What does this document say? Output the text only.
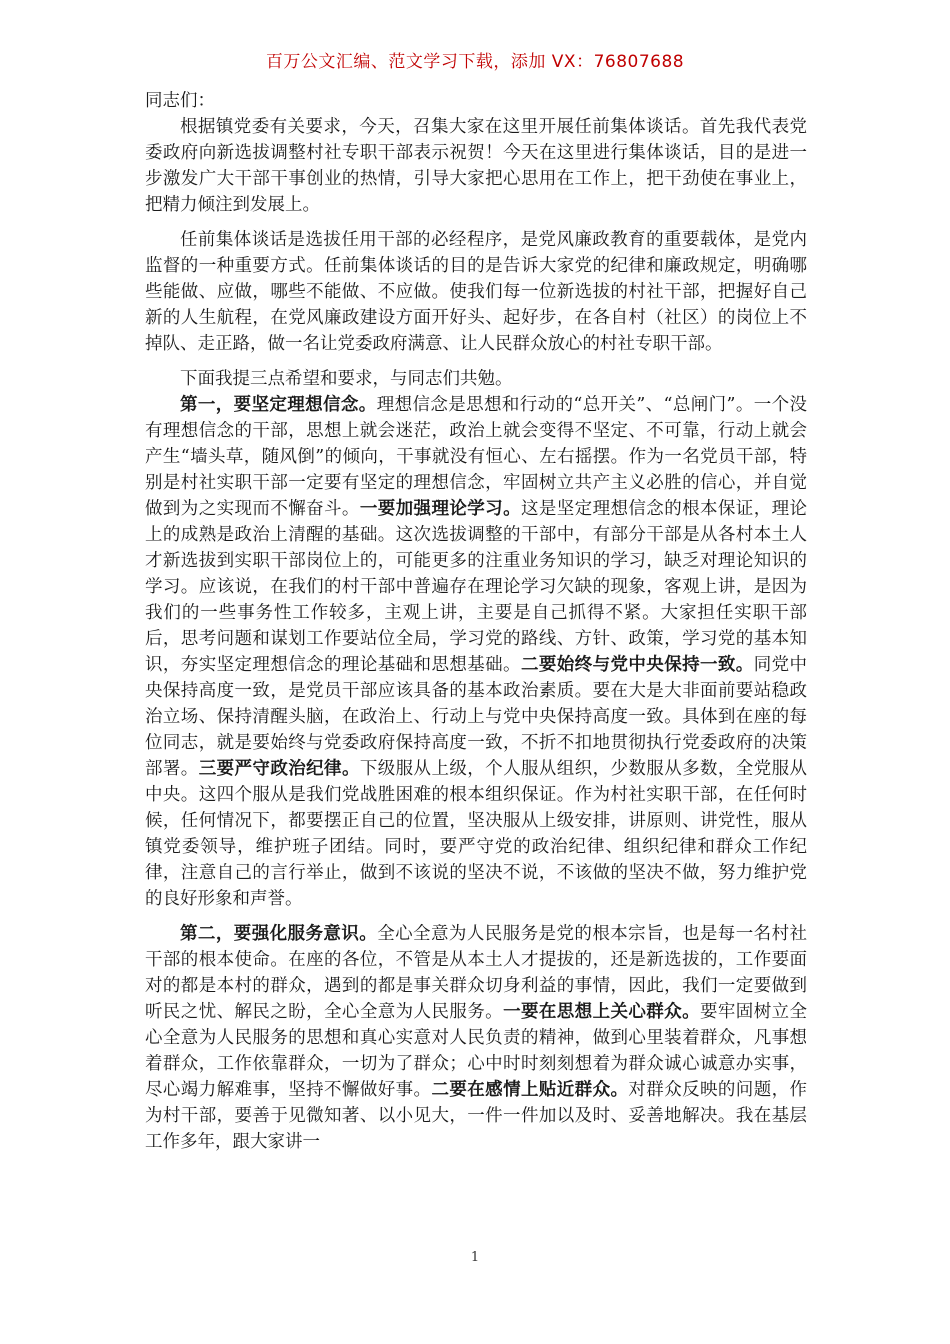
百万公文汇编、范文学习下载，添加 VX：76807688

同志们：

根据镇党委有关要求，今天，召集大家在这里开展任前集体谈话。首先我代表党委政府向新选拔调整村社专职干部表示祝贺！今天在这里进行集体谈话，目的是进一步激发广大干部干事创业的热情，引导大家把心思用在工作上，把干劲使在事业上，把精力倾注到发展上。

任前集体谈话是选拔任用干部的必经程序，是党风廉政教育的重要载体，是党内监督的一种重要方式。任前集体谈话的目的是告诉大家党的纪律和廉政规定，明确哪些能做、应做，哪些不能做、不应做。使我们每一位新选拔的村社干部，把握好自己新的人生航程，在党风廉政建设方面开好头、起好步，在各自村（社区）的岗位上不掉队、走正路，做一名让党委政府满意、让人民群众放心的村社专职干部。

下面我提三点希望和要求，与同志们共勉。

第一，要坚定理想信念。理想信念是思想和行动的“总开关”、“总闸门”。一个没有理想信念的干部，思想上就会迷茫，政治上就会变得不坚定、不可靠，行动上就会产生“墙头草，随风倒”的倾向，干事就没有恒心、左右摇摆。作为一名党员干部，特别是村社实职干部一定要有坚定的理想信念，牢固树立共产主义必胜的信心，并自觉做到为之实现而不懈奋斗。一要加强理论学习。这是坚定理想信念的根本保证，理论上的成熟是政治上清醒的基础。这次选拔调整的干部中，有部分干部是从各村本土人才新选拔到实职干部岗位上的，可能更多的注重业务知识的学习，缺乏对理论知识的学习。应该说，在我们的村干部中普遍存在理论学习欠缺的现象，客观上讲，是因为我们的一些事务性工作较多，主观上讲，主要是自己抓得不紧。大家担任实职干部后，思考问题和谋划工作要站位全局，学习党的路线、方针、政策，学习党的基本知识，夯实坚定理想信念的理论基础和思想基础。二要始终与党中央保持一致。同党中央保持高度一致，是党员干部应该具备的基本政治素质。要在大是大非面前要站稳政治立场、保持清醒头脑，在政治上、行动上与党中央保持高度一致。具体到在座的每位同志，就是要始终与党委政府保持高度一致，不折不扣地贯彻执行党委政府的决策部署。三要严守政治纪律。下级服从上级，个人服从组织，少数服从多数，全党服从中央。这四个服从是我们党战胜困难的根本组织保证。作为村社实职干部，在任何时候，任何情况下，都要摆正自己的位置，坚决服从上级安排，讲原则、讲党性，服从镇党委领导，维护班子团结。同时，要严守党的政治纪律、组织纪律和群众工作纪律，注意自己的言行举止，做到不该说的坚决不说，不该做的坚决不做，努力维护党的良好形象和声誉。

第二，要强化服务意识。全心全意为人民服务是党的根本宗旨，也是每一名村社干部的根本使命。在座的各位，不管是从本土人才提拔的，还是新选拔的，工作要面对的都是本村的群众，遇到的都是事关群众切身利益的事情，因此，我们一定要做到听民之忧、解民之盼，全心全意为人民服务。一要在思想上关心群众。要牢固树立全心全意为人民服务的思想和真心实意对人民负责的精神，做到心里装着群众，凡事想着群众，工作依靠群众，一切为了群众；心中时时刻刻想着为群众诚心诚意办实事，尽心竭力解难事，坚持不懈做好事。二要在感情上贴近群众。对群众反映的问题，作为村干部，要善于见微知著、以小见大，一件一件加以及时、妥善地解决。我在基层工作多年，跟大家讲一

1
